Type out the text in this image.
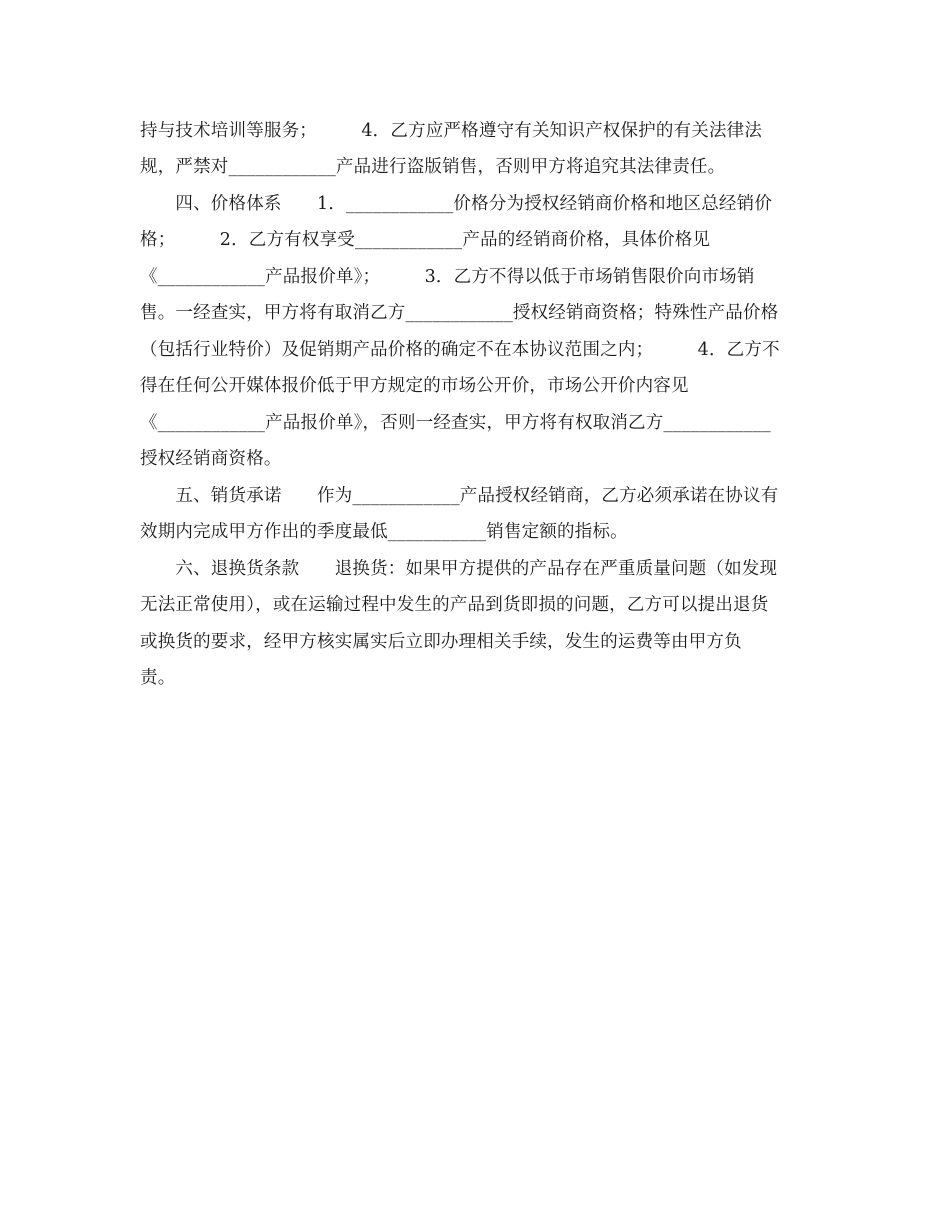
持与技术培训等服务；　　　4．乙方应严格遵守有关知识产权保护的有关法律法
规，严禁对____________产品进行盗版销售，否则甲方将追究其法律责任。
　　四、价格体系　　1．____________价格分为授权经销商价格和地区总经销价
格；　　　2．乙方有权享受____________产品的经销商价格，具体价格见
《____________产品报价单》；　　　3．乙方不得以低于市场销售限价向市场销
售。一经查实，甲方将有取消乙方____________授权经销商资格；特殊性产品价格
（包括行业特价）及促销期产品价格的确定不在本协议范围之内；　　　4．乙方不
得在任何公开媒体报价低于甲方规定的市场公开价，市场公开价内容见
《____________产品报价单》，否则一经查实，甲方将有权取消乙方____________
授权经销商资格。
　　五、销货承诺　　作为____________产品授权经销商，乙方必须承诺在协议有
效期内完成甲方作出的季度最低___________销售定额的指标。
　　六、退换货条款　　退换货：如果甲方提供的产品存在严重质量问题（如发现
无法正常使用），或在运输过程中发生的产品到货即损的问题，乙方可以提出退货
或换货的要求，经甲方核实属实后立即办理相关手续，发生的运费等由甲方负
责。
